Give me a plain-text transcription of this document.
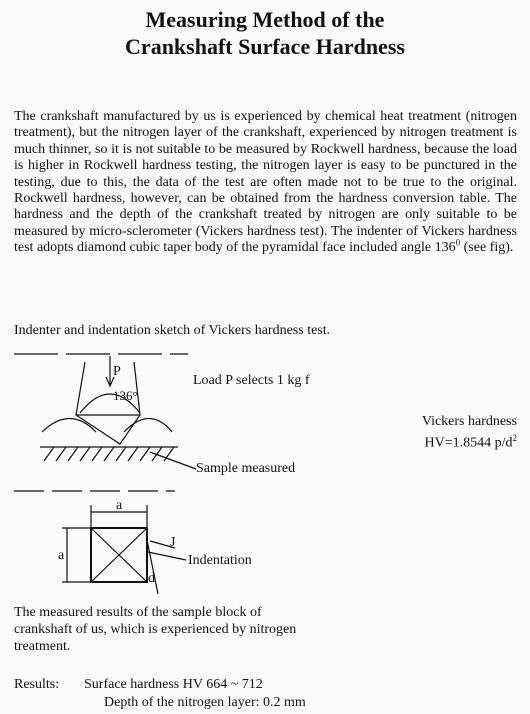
Measuring Method of the
Crankshaft Surface Hardness
The crankshaft manufactured by us is experienced by chemical heat treatment (nitrogen treatment), but the nitrogen layer of the crankshaft, experienced by nitrogen treatment is much thinner, so it is not suitable to be measured by Rockwell hardness, because the load is higher in Rockwell hardness testing, the nitrogen layer is easy to be punctured in the testing, due to this, the data of the test are often made not to be true to the original. Rockwell hardness, however, can be obtained from the hardness conversion table. The hardness and the depth of the crankshaft treated by nitrogen are only suitable to be measured by micro-sclerometer (Vickers hardness test). The indenter of Vickers hardness test adopts diamond cubic taper body of the pyramidal face included angle $136^0$ (see fig).
Indenter and indentation sketch of Vickers hardness test.
P
136°
a
a
d
J
Load P selects 1 kg f
Sample measured
Indentation
Vickers hardness
HV=1.8544 $p/d^2$
The measured results of the sample block of crankshaft of us, which is experienced by nitrogen treatment.
Results: Surface hardness HV 664 ~ 712
Depth of the nitrogen layer: 0.2 mm
